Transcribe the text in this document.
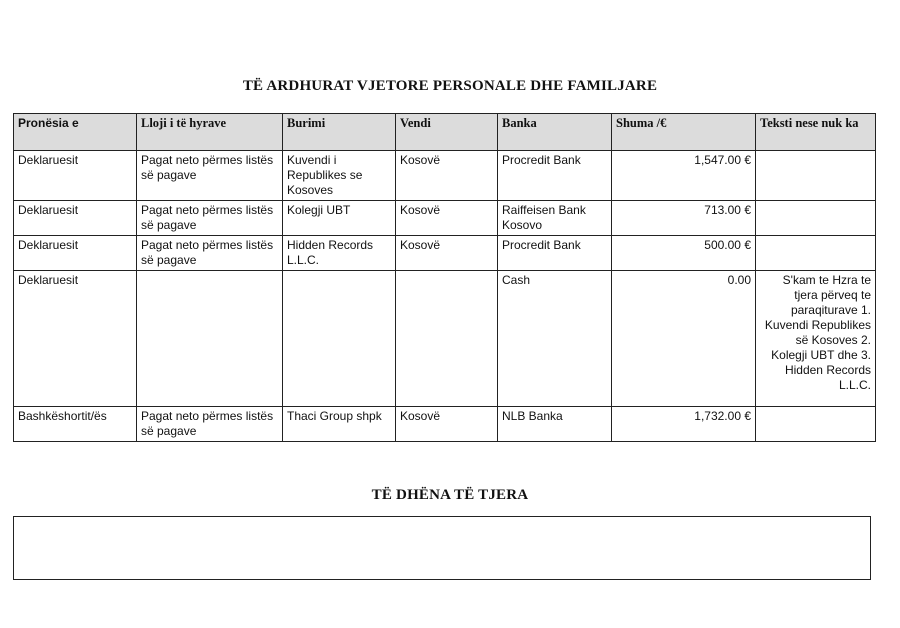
TË ARDHURAT VJETORE PERSONALE DHE FAMILJARE
Pronësia e	Lloji i të hyrave	Burimi	Vendi	Banka	Shuma /€	Teksti nese nuk ka
Deklaruesit	Pagat neto përmes listës së pagave	Kuvendi i Republikes se Kosoves	Kosovë	Procredit Bank	1,547.00 €	
Deklaruesit	Pagat neto përmes listës së pagave	Kolegji UBT	Kosovë	Raiffeisen Bank Kosovo	713.00 €	
Deklaruesit	Pagat neto përmes listës së pagave	Hidden Records L.L.C.	Kosovë	Procredit Bank	500.00 €	
Deklaruesit				Cash	0.00	S'kam te Hzra te tjera përveq te paraqiturave 1. Kuvendi Republikes së Kosoves 2. Kolegji UBT dhe 3. Hidden Records L.L.C.
Bashkëshortit/ës	Pagat neto përmes listës së pagave	Thaci Group shpk	Kosovë	NLB Banka	1,732.00 €	
TË DHËNA TË TJERA
